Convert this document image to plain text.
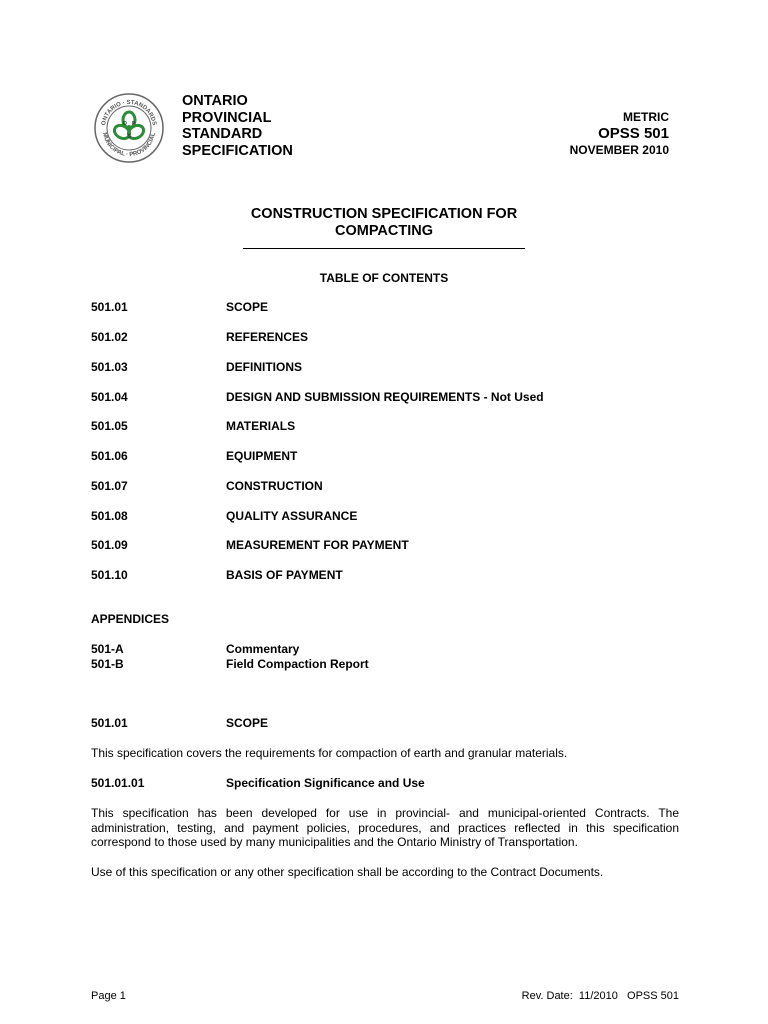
ONTARIO · STANDARDS
MUNICIPAL · PROVINCIAL
O P
S
ONTARIO
PROVINCIAL
STANDARD
SPECIFICATION
METRIC
OPSS 501
NOVEMBER 2010
CONSTRUCTION SPECIFICATION FOR
COMPACTING
TABLE OF CONTENTS
501.01	SCOPE
501.02	REFERENCES
501.03	DEFINITIONS
501.04	DESIGN AND SUBMISSION REQUIREMENTS - Not Used
501.05	MATERIALS
501.06	EQUIPMENT
501.07	CONSTRUCTION
501.08	QUALITY ASSURANCE
501.09	MEASUREMENT FOR PAYMENT
501.10	BASIS OF PAYMENT
APPENDICES
501-A	Commentary
501-B	Field Compaction Report
501.01	SCOPE
This specification covers the requirements for compaction of earth and granular materials.
501.01.01	Specification Significance and Use
This specification has been developed for use in provincial- and municipal-oriented Contracts. The administration, testing, and payment policies, procedures, and practices reflected in this specification correspond to those used by many municipalities and the Ontario Ministry of Transportation.
Use of this specification or any other specification shall be according to the Contract Documents.
Page 1	Rev. Date:  11/2010   OPSS 501
